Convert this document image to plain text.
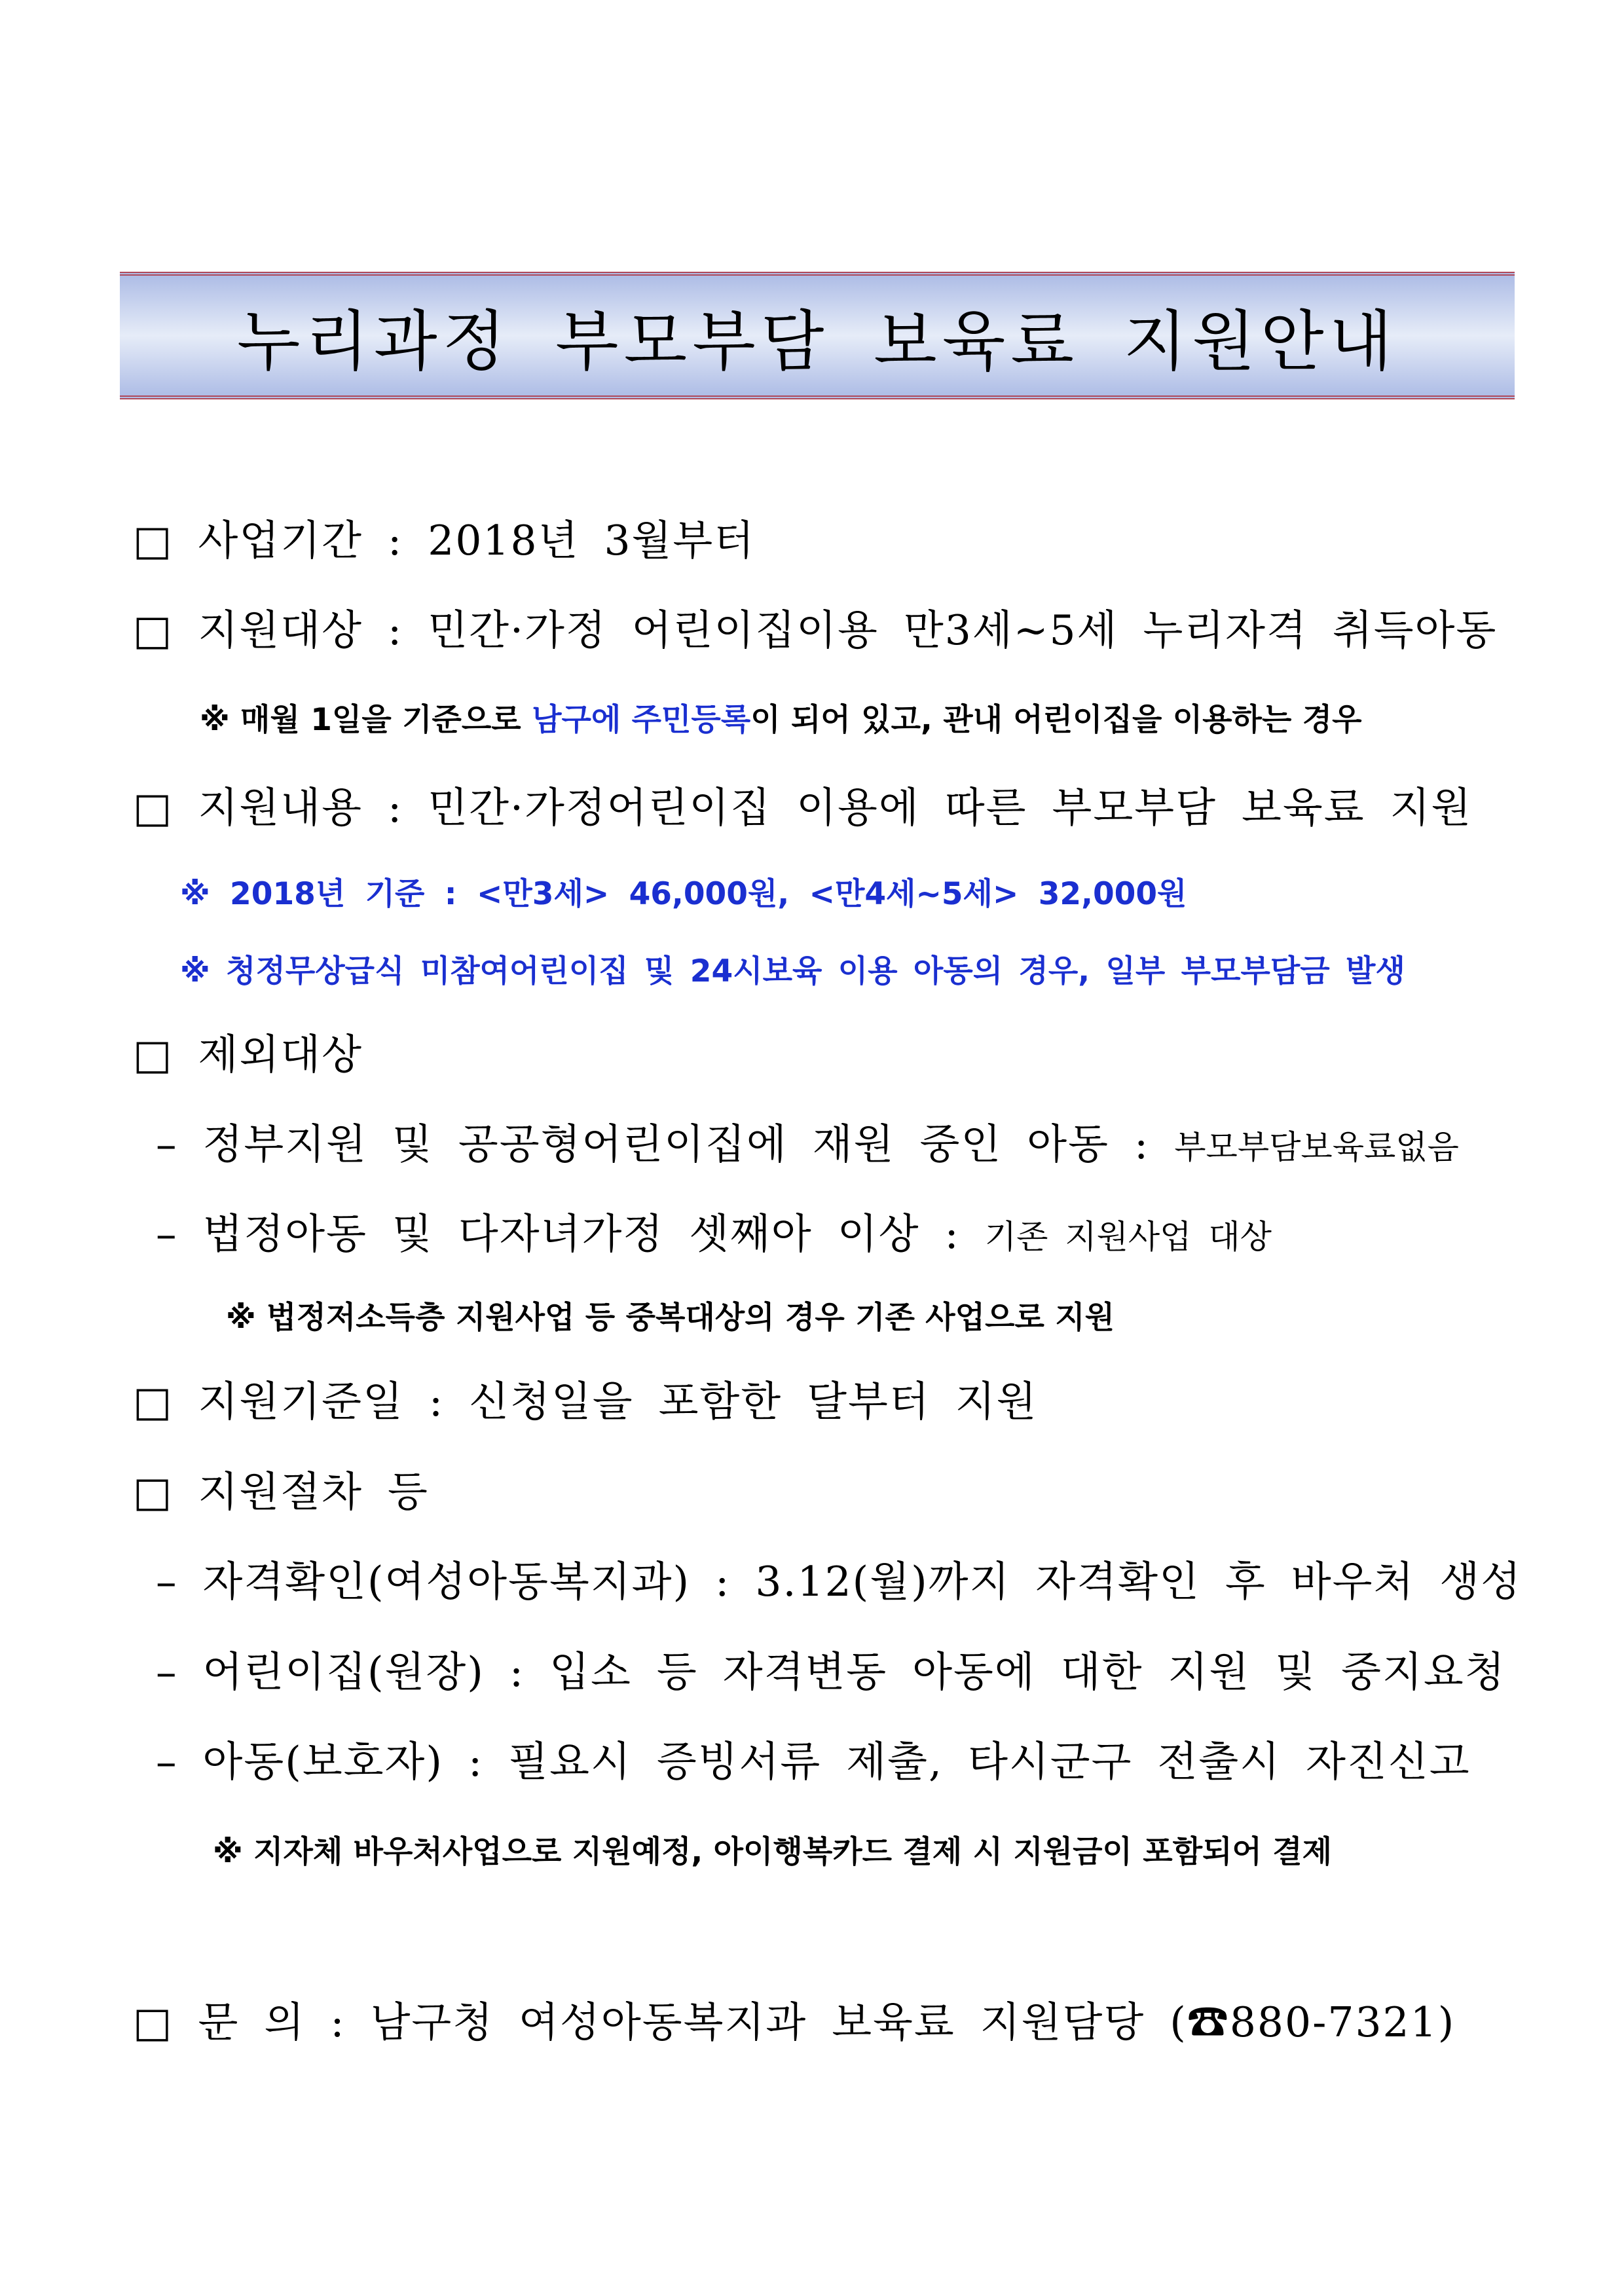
누리과정 부모부담 보육료 지원안내
□ 사업기간 : 2018년 3월부터
□ 지원대상 : 민간·가정 어린이집이용 만3세∼5세 누리자격 취득아동
※ 매월 1일을 기준으로 남구에 주민등록이 되어 있고, 관내 어린이집을 이용하는 경우
□ 지원내용 : 민간·가정어린이집 이용에 따른 부모부담 보육료 지원
※ 2018년 기준 : <만3세> 46,000원, <만4세~5세> 32,000원
※ 청정무상급식 미참여어린이집 및 24시보육 이용 아동의 경우, 일부 부모부담금 발생
□ 제외대상
– 정부지원 및 공공형어린이집에 재원 중인 아동 : 부모부담보육료없음
– 법정아동 및 다자녀가정 셋째아 이상 : 기존 지원사업 대상
※ 법정저소득층 지원사업 등 중복대상의 경우 기존 사업으로 지원
□ 지원기준일 : 신청일을 포함한 달부터 지원
□ 지원절차 등
– 자격확인(여성아동복지과) : 3.12(월)까지 자격확인 후 바우처 생성
– 어린이집(원장) : 입소 등 자격변동 아동에 대한 지원 및 중지요청
– 아동(보호자) : 필요시 증빙서류 제출, 타시군구 전출시 자진신고
※ 지자체 바우처사업으로 지원예정, 아이행복카드 결제 시 지원금이 포함되어 결제
□ 문 의 : 남구청 여성아동복지과 보육료 지원담당 (☎880-7321)
